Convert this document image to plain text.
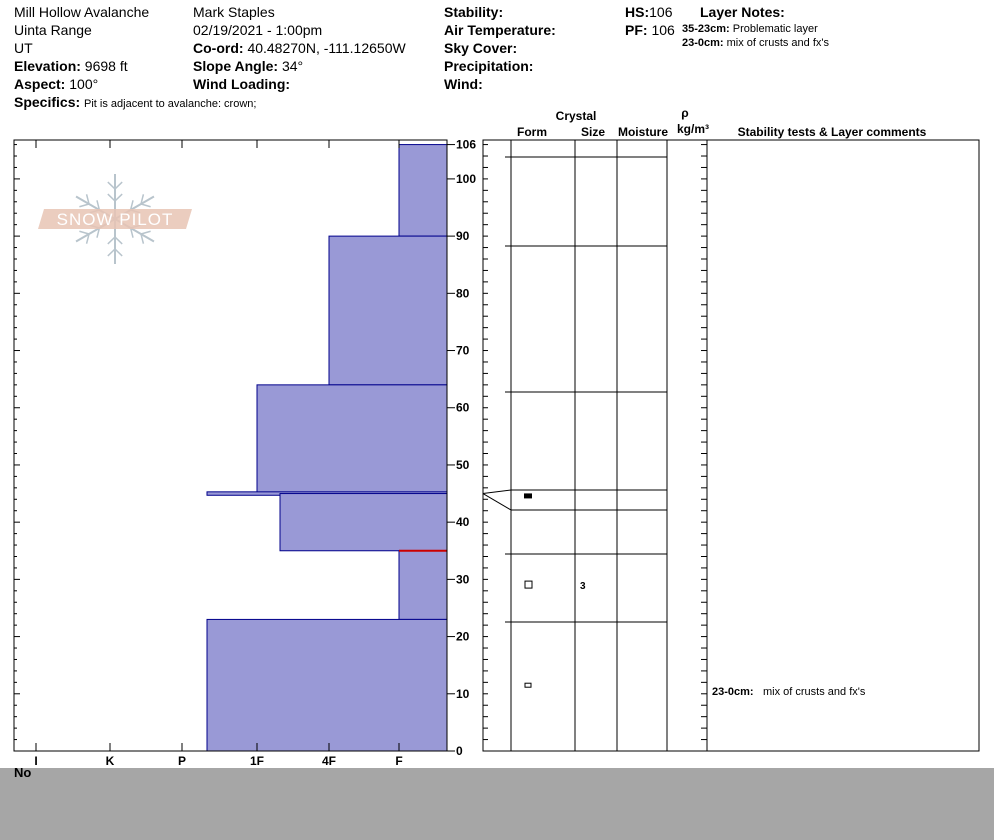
Mill Hollow Avalanche
Uinta Range
UT
Elevation: 9698 ft
Aspect: 100°
Specifics: Pit is adjacent to avalanche: crown;
Mark Staples
02/19/2021 - 1:00pm
Co-ord: 40.48270N, -111.12650W
Slope Angle: 34°
Wind Loading:
Stability:
Air Temperature:
Sky Cover:
Precipitation:
Wind:
HS:106
PF: 106
Layer Notes:
35-23cm: Problematic layer
23-0cm: mix of crusts and fx's
Crystal
Form	Size	Moisture
ρ
kg/m³	Stability tests & Layer comments
SNOW PILOT
I	K	P	1F	4F	F
0
10
20
30
40
50
60
70
80
90
100
106
3
23-0cm: mix of crusts and fx's
No
